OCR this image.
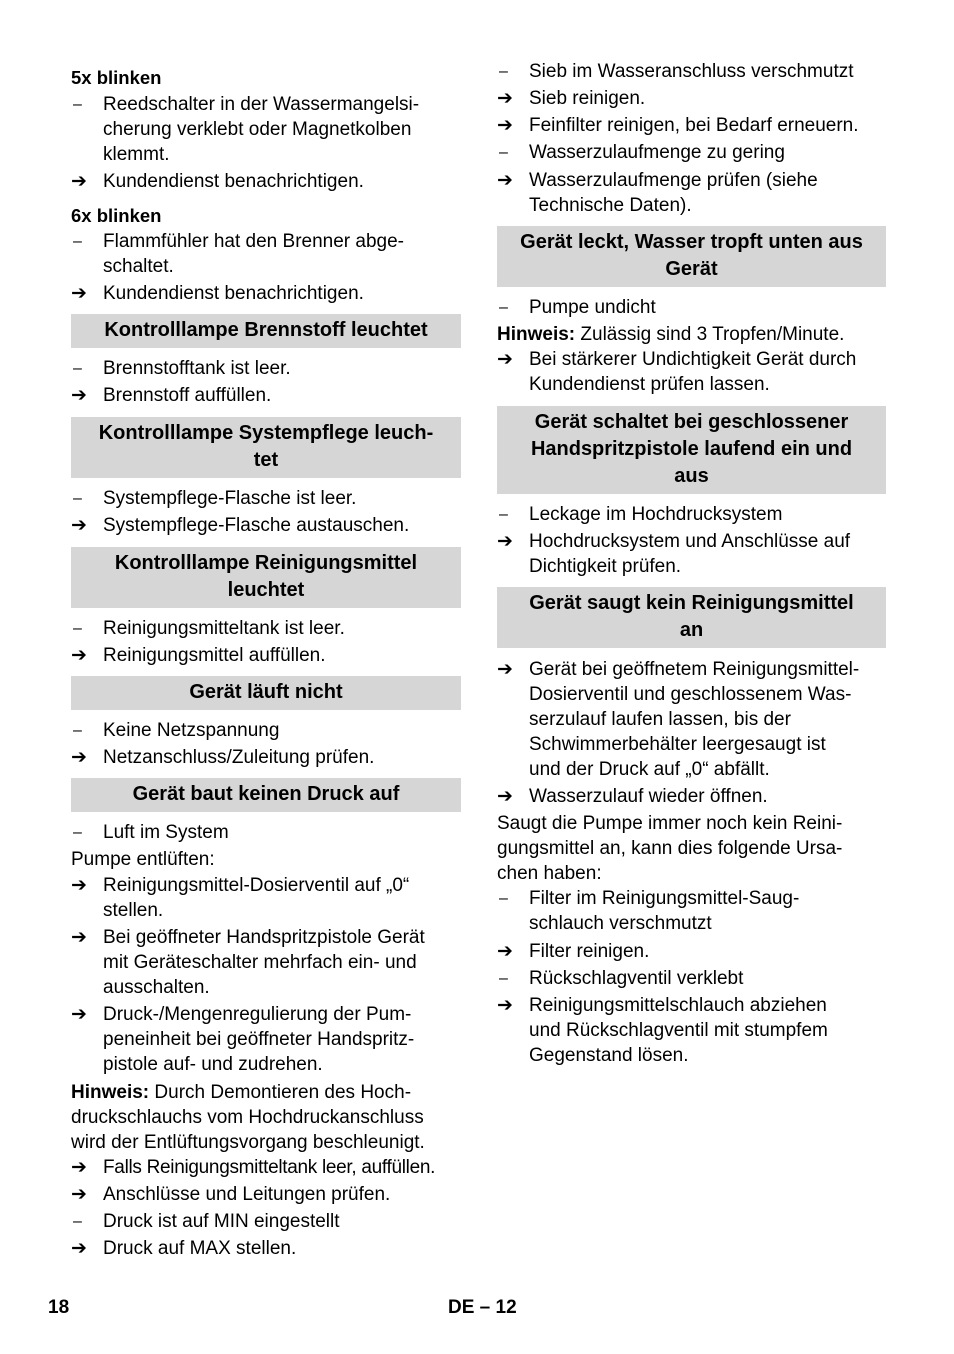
5x blinken
–	Reedschalter in der Wassermangelsi-
cherung verklebt oder Magnetkolben
klemmt.
➔ Kundendienst benachrichtigen.
6x blinken
–	Flammfühler hat den Brenner abge-
schaltet.
➔ Kundendienst benachrichtigen.
Kontrolllampe Brennstoff leuchtet
–	Brennstofftank ist leer.
➔ Brennstoff auffüllen.
Kontrolllampe Systempflege leuch-
tet
–	Systempflege-Flasche ist leer.
➔ Systempflege-Flasche austauschen.
Kontrolllampe Reinigungsmittel
leuchtet
–	Reinigungsmitteltank ist leer.
➔ Reinigungsmittel auffüllen.
Gerät läuft nicht
–	Keine Netzspannung
➔ Netzanschluss/Zuleitung prüfen.
Gerät baut keinen Druck auf
–	Luft im System
Pumpe entlüften:
➔ Reinigungsmittel-Dosierventil auf „0“
stellen.
➔ Bei geöffneter Handspritzpistole Gerät
mit Geräteschalter mehrfach ein- und
ausschalten.
➔ Druck-/Mengenregulierung der Pum-
peneinheit bei geöffneter Handspritz-
pistole auf- und zudrehen.
Hinweis: Durch Demontieren des Hoch-
druckschlauchs vom Hochdruckanschluss
wird der Entlüftungsvorgang beschleunigt.
➔ Falls Reinigungsmitteltank leer, auffüllen.
➔ Anschlüsse und Leitungen prüfen.
–	Druck ist auf MIN eingestellt
➔ Druck auf MAX stellen.
–	Sieb im Wasseranschluss verschmutzt
➔ Sieb reinigen.
➔ Feinfilter reinigen, bei Bedarf erneuern.
–	Wasserzulaufmenge zu gering
➔ Wasserzulaufmenge prüfen (siehe
Technische Daten).
Gerät leckt, Wasser tropft unten aus
Gerät
–	Pumpe undicht
Hinweis: Zulässig sind 3 Tropfen/Minute.
➔ Bei stärkerer Undichtigkeit Gerät durch
Kundendienst prüfen lassen.
Gerät schaltet bei geschlossener
Handspritzpistole laufend ein und
aus
–	Leckage im Hochdrucksystem
➔ Hochdrucksystem und Anschlüsse auf
Dichtigkeit prüfen.
Gerät saugt kein Reinigungsmittel
an
➔ Gerät bei geöffnetem Reinigungsmittel-
Dosierventil und geschlossenem Was-
serzulauf laufen lassen, bis der
Schwimmerbehälter leergesaugt ist
und der Druck auf „0“ abfällt.
➔ Wasserzulauf wieder öffnen.
Saugt die Pumpe immer noch kein Reini-
gungsmittel an, kann dies folgende Ursa-
chen haben:
–	Filter im Reinigungsmittel-Saug-
schlauch verschmutzt
➔ Filter reinigen.
–	Rückschlagventil verklebt
➔ Reinigungsmittelschlauch abziehen
und Rückschlagventil mit stumpfem
Gegenstand lösen.
18	DE – 12
